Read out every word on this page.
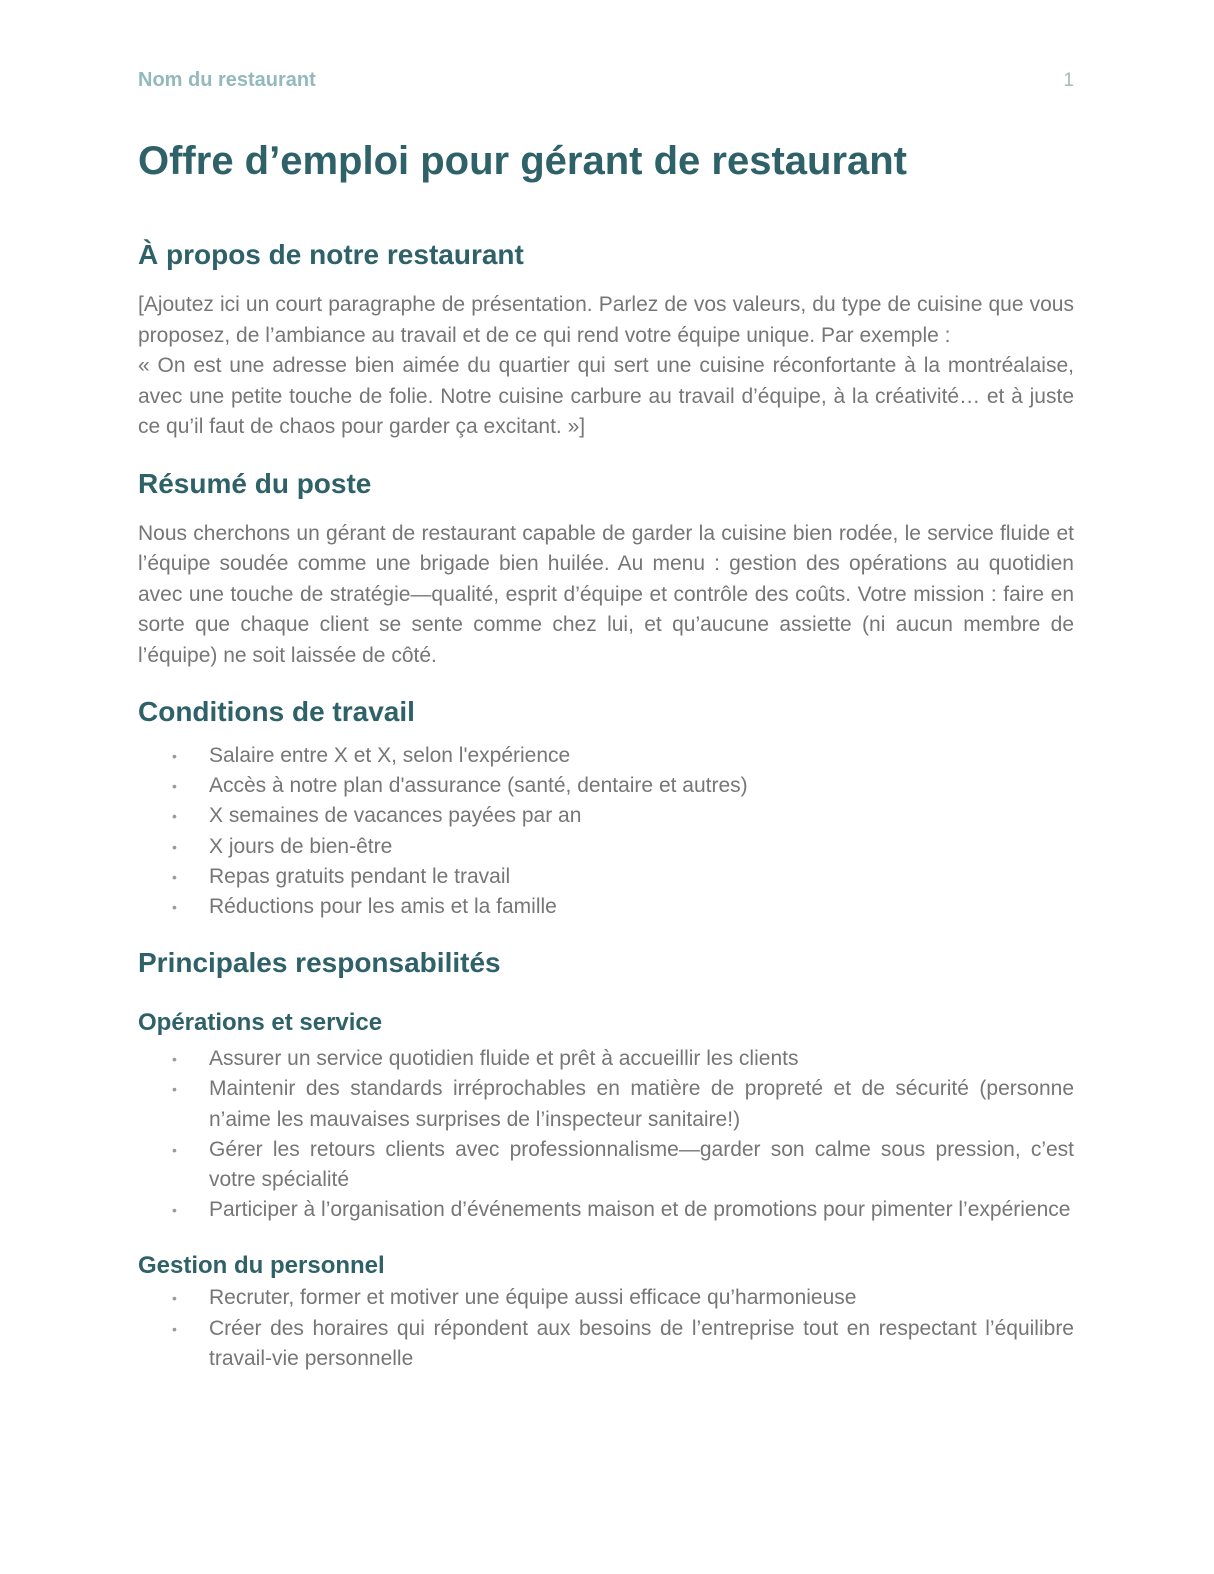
Nom du restaurant	1
Offre d’emploi pour gérant de restaurant
À propos de notre restaurant

[Ajoutez ici un court paragraphe de présentation. Parlez de vos valeurs, du type de cuisine que vous proposez, de l’ambiance au travail et de ce qui rend votre équipe unique. Par exemple :
« On est une adresse bien aimée du quartier qui sert une cuisine réconfortante à la montréalaise, avec une petite touche de folie. Notre cuisine carbure au travail d’équipe, à la créativité… et à juste ce qu’il faut de chaos pour garder ça excitant. »]

Résumé du poste

Nous cherchons un gérant de restaurant capable de garder la cuisine bien rodée, le service fluide et l’équipe soudée comme une brigade bien huilée. Au menu : gestion des opérations au quotidien avec une touche de stratégie—qualité, esprit d’équipe et contrôle des coûts. Votre mission : faire en sorte que chaque client se sente comme chez lui, et qu’aucune assiette (ni aucun membre de l’équipe) ne soit laissée de côté.

Conditions de travail
• Salaire entre X et X, selon l'expérience
• Accès à notre plan d'assurance (santé, dentaire et autres)
• X semaines de vacances payées par an
• X jours de bien-être
• Repas gratuits pendant le travail
• Réductions pour les amis et la famille
Principales responsabilités
Opérations et service
• Assurer un service quotidien fluide et prêt à accueillir les clients
• Maintenir des standards irréprochables en matière de propreté et de sécurité (personne n’aime les mauvaises surprises de l’inspecteur sanitaire!)
• Gérer les retours clients avec professionnalisme—garder son calme sous pression, c’est votre spécialité
• Participer à l’organisation d’événements maison et de promotions pour pimenter l’expérience
Gestion du personnel
• Recruter, former et motiver une équipe aussi efficace qu’harmonieuse
• Créer des horaires qui répondent aux besoins de l’entreprise tout en respectant l’équilibre travail-vie personnelle
